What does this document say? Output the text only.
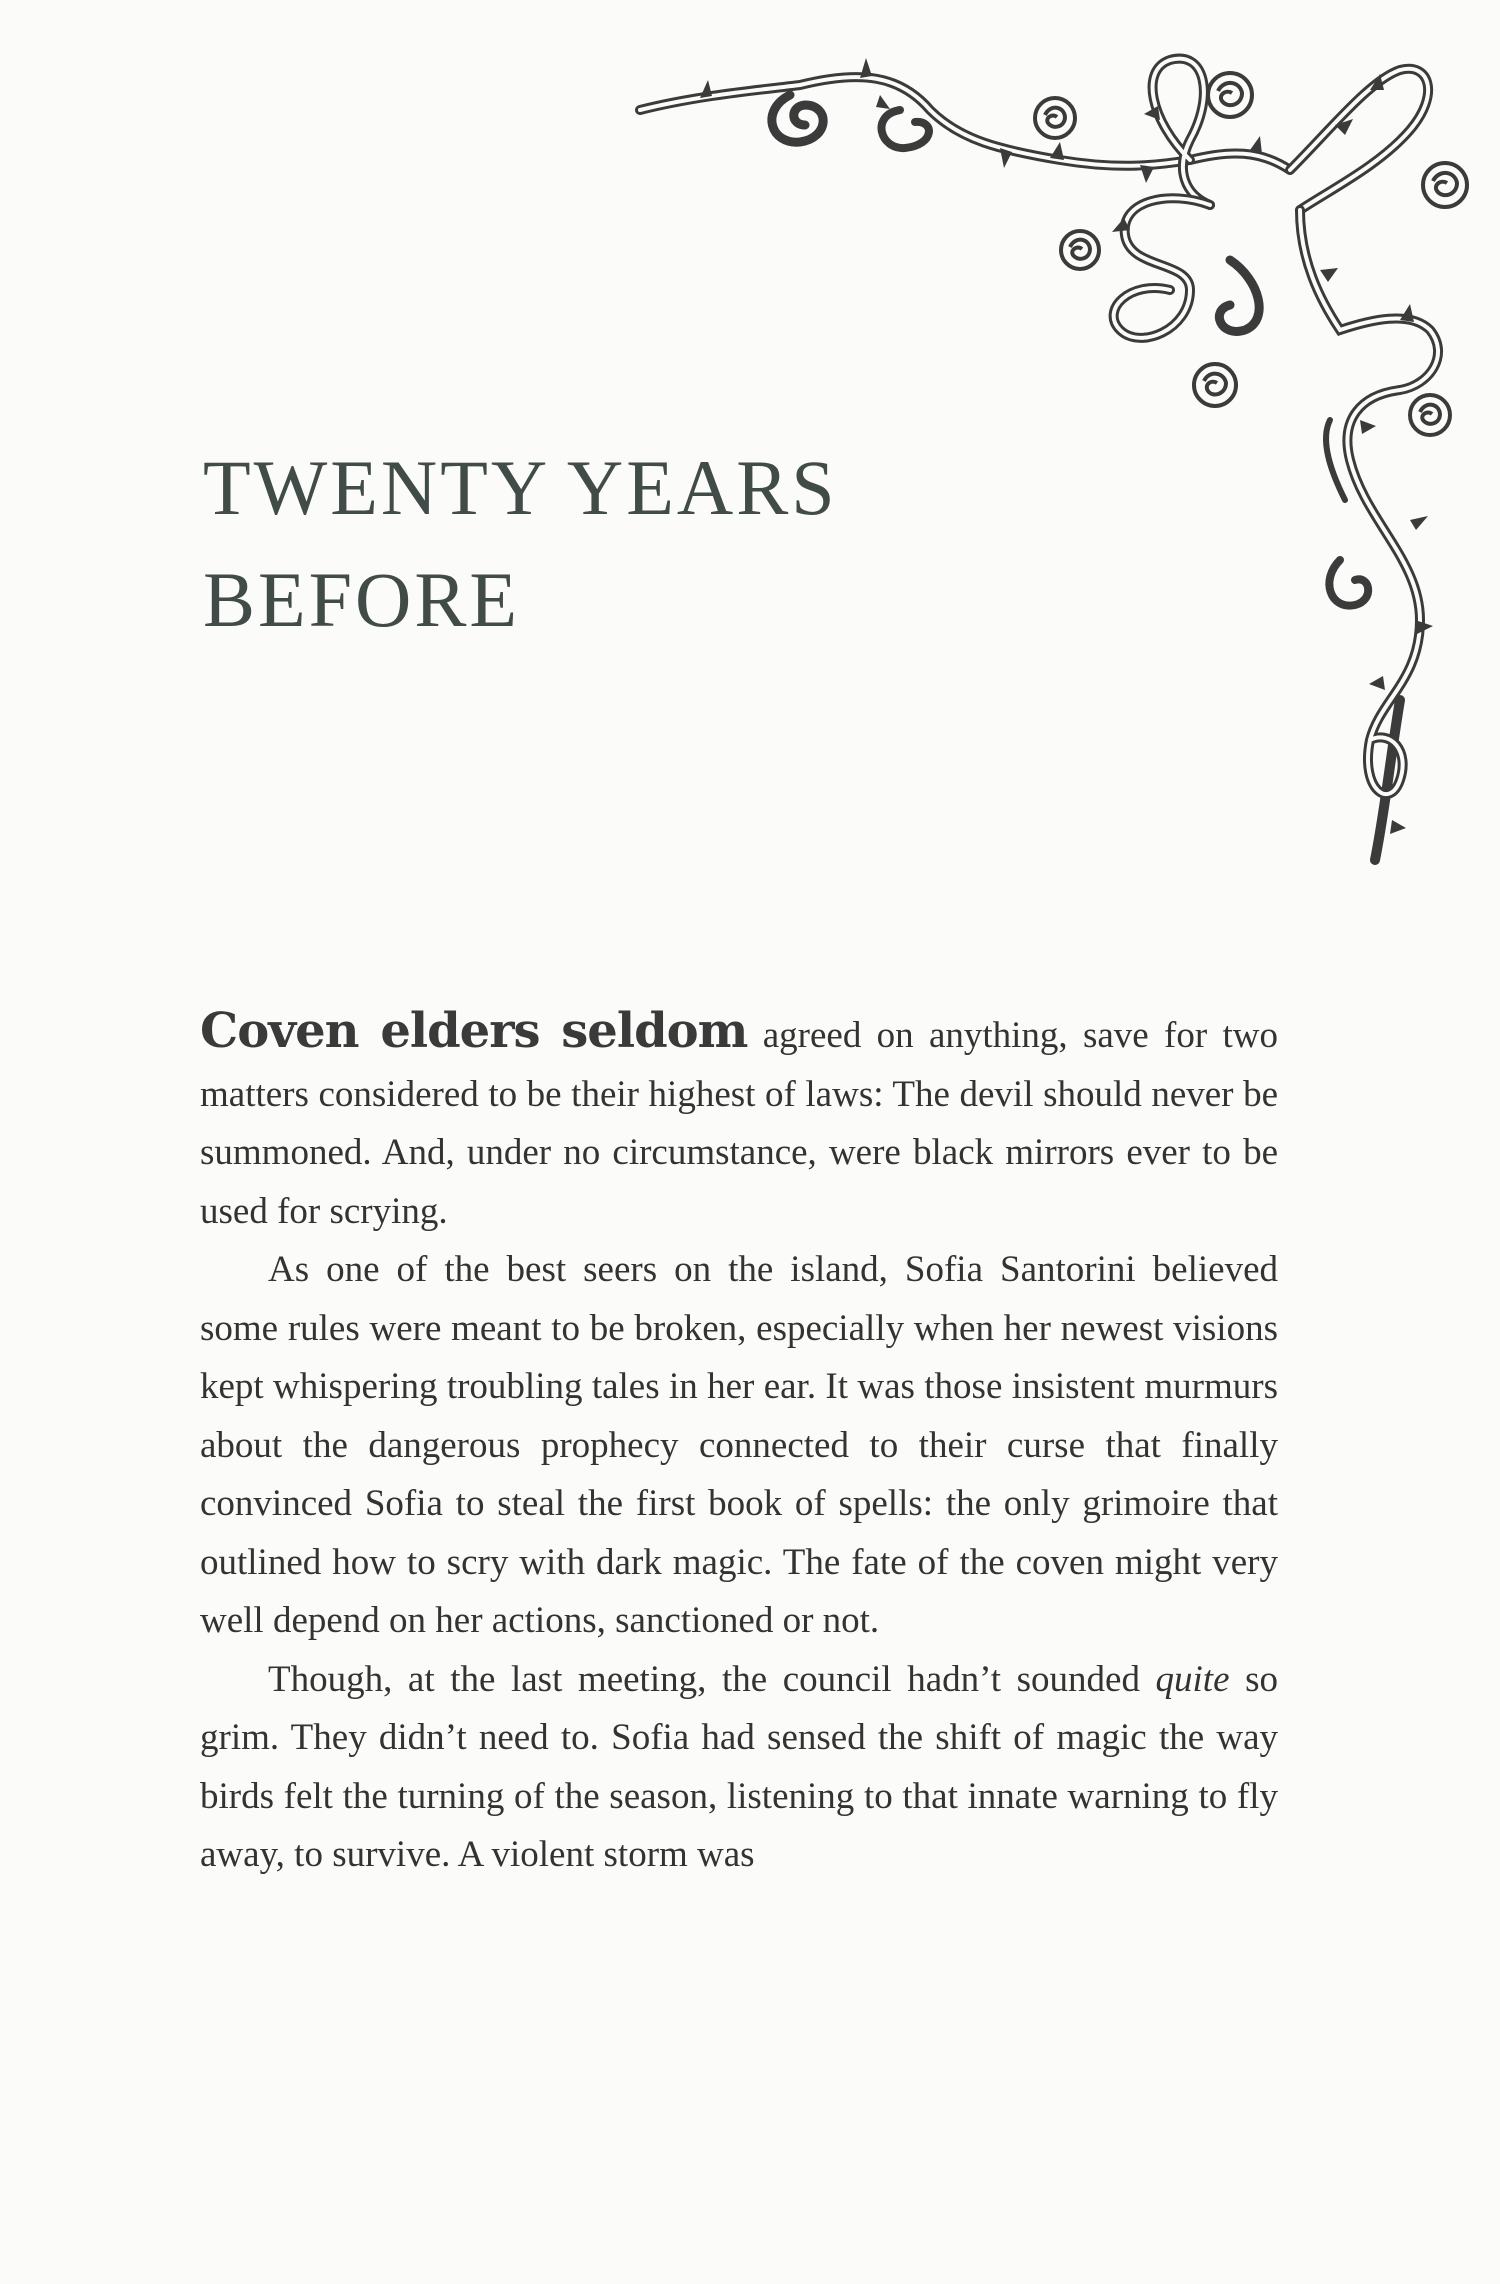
TWENTY YEARS
BEFORE

Coven elders seldom agreed on anything, save for two matters considered to be their highest of laws: The devil should never be summoned. And, under no circumstance, were black mirrors ever to be used for scrying.

As one of the best seers on the island, Sofia Santorini believed some rules were meant to be broken, especially when her newest visions kept whispering troubling tales in her ear. It was those insistent murmurs about the dangerous prophecy connected to their curse that finally convinced Sofia to steal the first book of spells: the only grimoire that outlined how to scry with dark magic. The fate of the coven might very well depend on her actions, sanctioned or not.

Though, at the last meeting, the council hadn’t sounded quite so grim. They didn’t need to. Sofia had sensed the shift of magic the way birds felt the turning of the season, listening to that innate warning to fly away, to survive. A violent storm was
